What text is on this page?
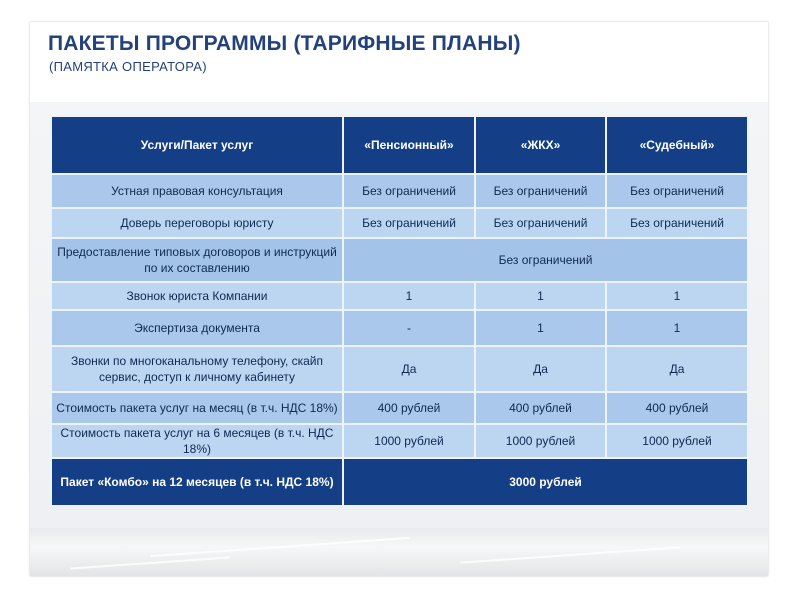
ПАКЕТЫ ПРОГРАММЫ (ТАРИФНЫЕ ПЛАНЫ)
(ПАМЯТКА ОПЕРАТОРА)
Услуги/Пакет услуг	«Пенсионный»	«ЖКХ»	«Судебный»
Устная правовая консультация	Без ограничений	Без ограничений	Без ограничений
Доверь переговоры юристу	Без ограничений	Без ограничений	Без ограничений
Предоставление типовых договоров и инструкций по их составлению	Без ограничений		
Звонок юриста Компании	1	1	1
Экспертиза документа	-	1	1
Звонки по многоканальному телефону, скайп сервис, доступ к личному кабинету	Да	Да	Да
Стоимость пакета услуг на месяц (в т.ч. НДС 18%)	400 рублей	400 рублей	400 рублей
Стоимость пакета услуг на 6 месяцев (в т.ч. НДС 18%)	1000 рублей	1000 рублей	1000 рублей
Пакет «Комбо» на 12 месяцев (в т.ч. НДС 18%)	3000 рублей		
